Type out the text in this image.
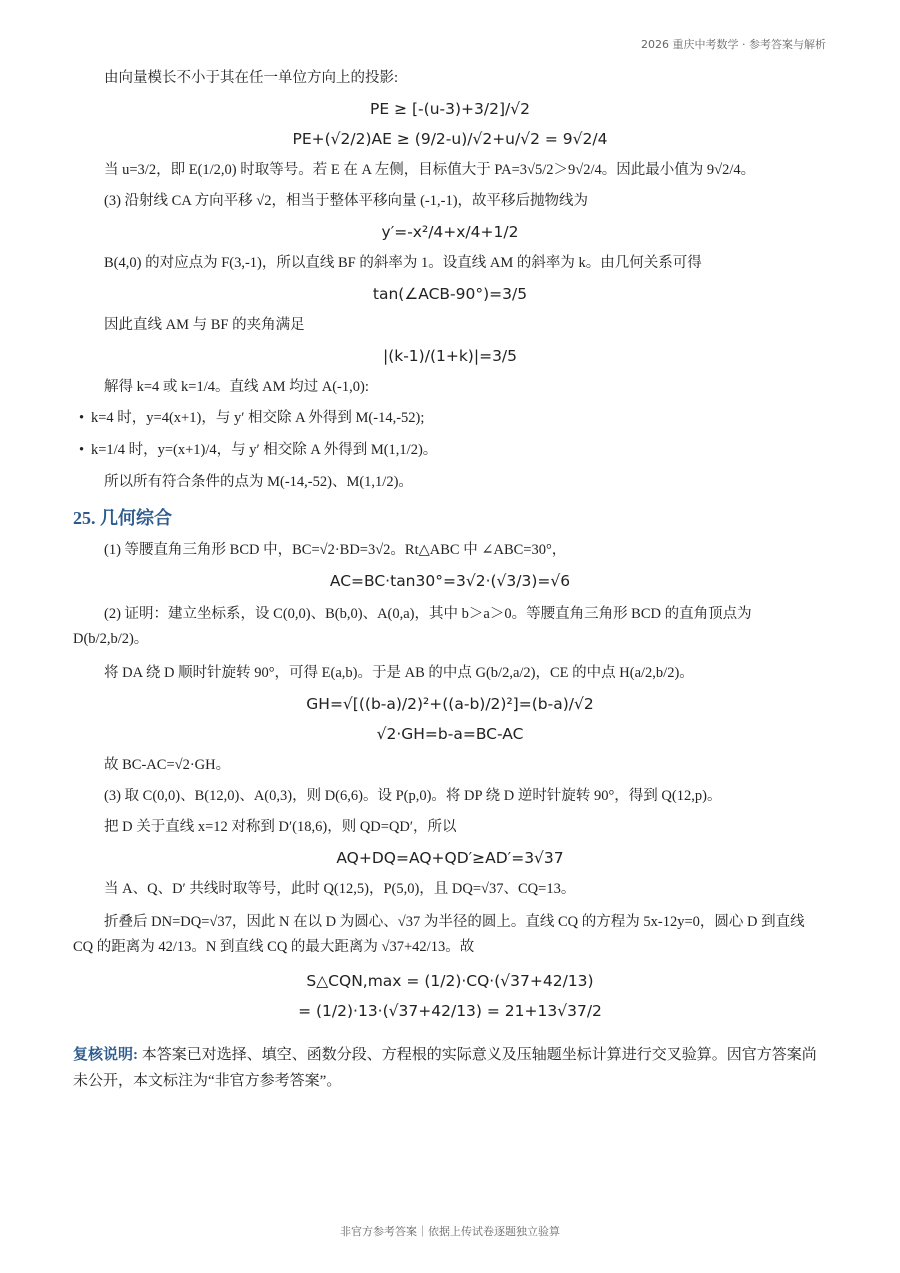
2026 重庆中考数学 · 参考答案与解析

由向量模长不小于其在任一单位方向上的投影:

PE ≥ [-(u-3)+3/2]/√2
PE+(√2/2)AE ≥ (9/2-u)/√2+u/√2 = 9√2/4

当 u=3/2，即 E(1/2,0) 时取等号。若 E 在 A 左侧，目标值大于 PA=3√5/2＞9√2/4。因此最小值为 9√2/4。

(3) 沿射线 CA 方向平移 √2，相当于整体平移向量 (-1,-1)，故平移后抛物线为

y′=-x²/4+x/4+1/2

B(4,0) 的对应点为 F(3,-1)，所以直线 BF 的斜率为 1。设直线 AM 的斜率为 k。由几何关系可得

tan(∠ACB-90°)=3/5

因此直线 AM 与 BF 的夹角满足

|(k-1)/(1+k)|=3/5

解得 k=4 或 k=1/4。直线 AM 均过 A(-1,0):

• k=4 时，y=4(x+1)，与 y′ 相交除 A 外得到 M(-14,-52);
• k=1/4 时，y=(x+1)/4，与 y′ 相交除 A 外得到 M(1,1/2)。

所以所有符合条件的点为 M(-14,-52)、M(1,1/2)。

25. 几何综合

(1) 等腰直角三角形 BCD 中，BC=√2·BD=3√2。Rt△ABC 中 ∠ABC=30°，

AC=BC·tan30°=3√2·(√3/3)=√6

(2) 证明：建立坐标系，设 C(0,0)、B(b,0)、A(0,a)，其中 b＞a＞0。等腰直角三角形 BCD 的直角顶点为 D(b/2,b/2)。

将 DA 绕 D 顺时针旋转 90°，可得 E(a,b)。于是 AB 的中点 G(b/2,a/2)，CE 的中点 H(a/2,b/2)。

GH=√[((b-a)/2)²+((a-b)/2)²]=(b-a)/√2
√2·GH=b-a=BC-AC

故 BC-AC=√2·GH。

(3) 取 C(0,0)、B(12,0)、A(0,3)，则 D(6,6)。设 P(p,0)。将 DP 绕 D 逆时针旋转 90°，得到 Q(12,p)。

把 D 关于直线 x=12 对称到 D′(18,6)，则 QD=QD′，所以

AQ+DQ=AQ+QD′≥AD′=3√37

当 A、Q、D′ 共线时取等号，此时 Q(12,5)，P(5,0)，且 DQ=√37、CQ=13。

折叠后 DN=DQ=√37，因此 N 在以 D 为圆心、√37 为半径的圆上。直线 CQ 的方程为 5x-12y=0，圆心 D 到直线 CQ 的距离为 42/13。N 到直线 CQ 的最大距离为 √37+42/13。故

S△CQN,max = (1/2)·CQ·(√37+42/13)
= (1/2)·13·(√37+42/13) = 21+13√37/2
复核说明: 本答案已对选择、填空、函数分段、方程根的实际意义及压轴题坐标计算进行交叉验算。因官方答案尚未公开，本文标注为“非官方参考答案”。
非官方参考答案｜依据上传试卷逐题独立验算
